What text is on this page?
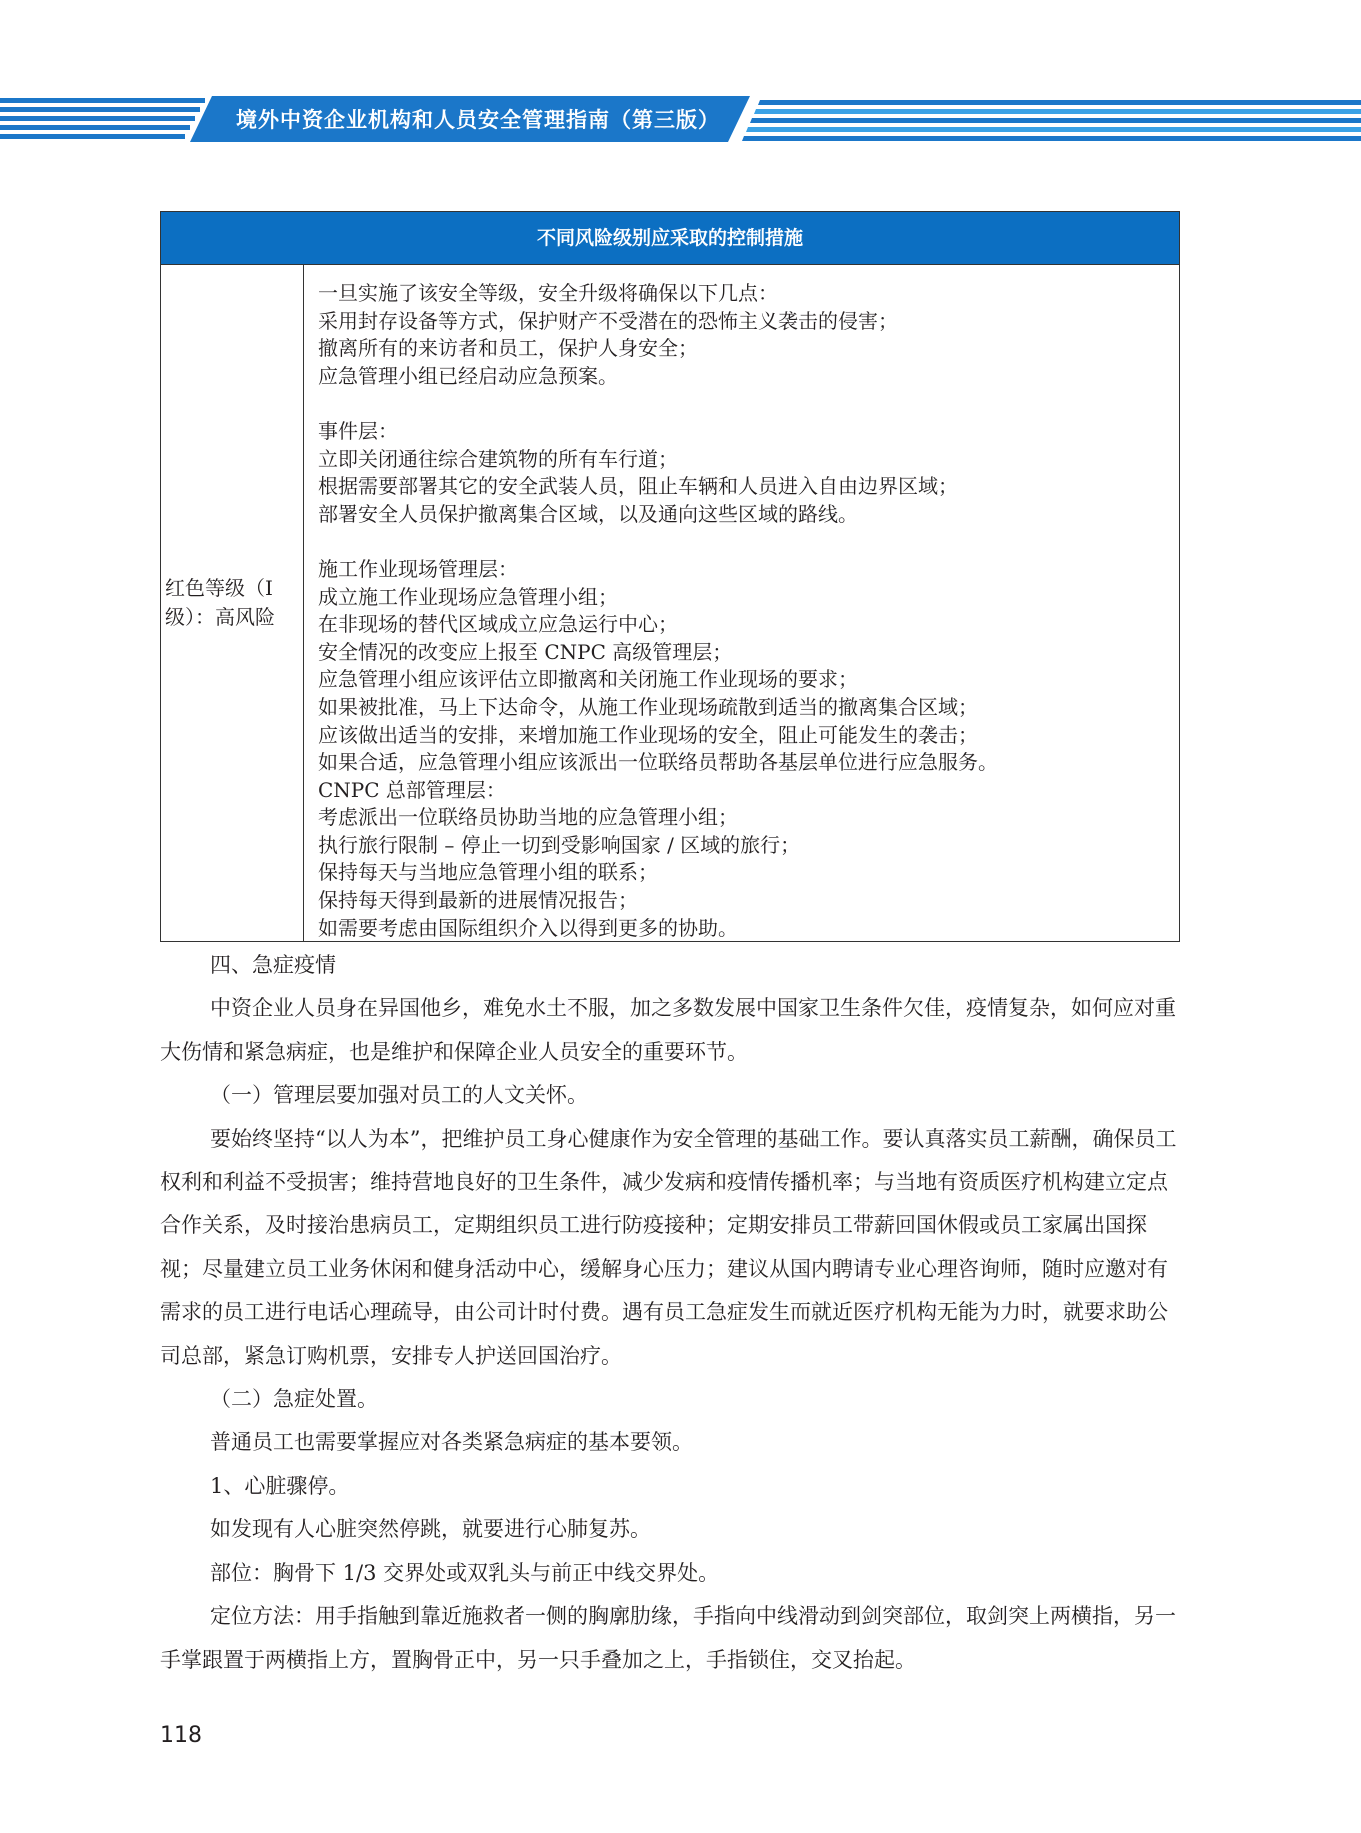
境外中资企业机构和人员安全管理指南（第三版）
不同风险级别应采取的控制措施
红色等级（Ⅰ级）：高风险
一旦实施了该安全等级，安全升级将确保以下几点：
采用封存设备等方式，保护财产不受潜在的恐怖主义袭击的侵害；
撤离所有的来访者和员工，保护人身安全；
应急管理小组已经启动应急预案。
事件层：
立即关闭通往综合建筑物的所有车行道；
根据需要部署其它的安全武装人员，阻止车辆和人员进入自由边界区域；
部署安全人员保护撤离集合区域，以及通向这些区域的路线。
施工作业现场管理层：
成立施工作业现场应急管理小组；
在非现场的替代区域成立应急运行中心；
安全情况的改变应上报至 CNPC 高级管理层；
应急管理小组应该评估立即撤离和关闭施工作业现场的要求；
如果被批准，马上下达命令，从施工作业现场疏散到适当的撤离集合区域；
应该做出适当的安排，来增加施工作业现场的安全，阻止可能发生的袭击；
如果合适，应急管理小组应该派出一位联络员帮助各基层单位进行应急服务。
CNPC 总部管理层：
考虑派出一位联络员协助当地的应急管理小组；
执行旅行限制 – 停止一切到受影响国家 / 区域的旅行；
保持每天与当地应急管理小组的联系；
保持每天得到最新的进展情况报告；
如需要考虑由国际组织介入以得到更多的协助。

四、急症疫情

中资企业人员身在异国他乡，难免水土不服，加之多数发展中国家卫生条件欠佳，疫情复杂，如何应对重大伤情和紧急病症，也是维护和保障企业人员安全的重要环节。

（一）管理层要加强对员工的人文关怀。

要始终坚持“以人为本”，把维护员工身心健康作为安全管理的基础工作。要认真落实员工薪酬，确保员工权利和利益不受损害；维持营地良好的卫生条件，减少发病和疫情传播机率；与当地有资质医疗机构建立定点合作关系，及时接治患病员工，定期组织员工进行防疫接种；定期安排员工带薪回国休假或员工家属出国探视；尽量建立员工业务休闲和健身活动中心，缓解身心压力；建议从国内聘请专业心理咨询师，随时应邀对有需求的员工进行电话心理疏导，由公司计时付费。遇有员工急症发生而就近医疗机构无能为力时，就要求助公司总部，紧急订购机票，安排专人护送回国治疗。

（二）急症处置。

普通员工也需要掌握应对各类紧急病症的基本要领。

1、心脏骤停。

如发现有人心脏突然停跳，就要进行心肺复苏。

部位：胸骨下 1/3 交界处或双乳头与前正中线交界处。

定位方法：用手指触到靠近施救者一侧的胸廓肋缘，手指向中线滑动到剑突部位，取剑突上两横指，另一手掌跟置于两横指上方，置胸骨正中，另一只手叠加之上，手指锁住，交叉抬起。

118
